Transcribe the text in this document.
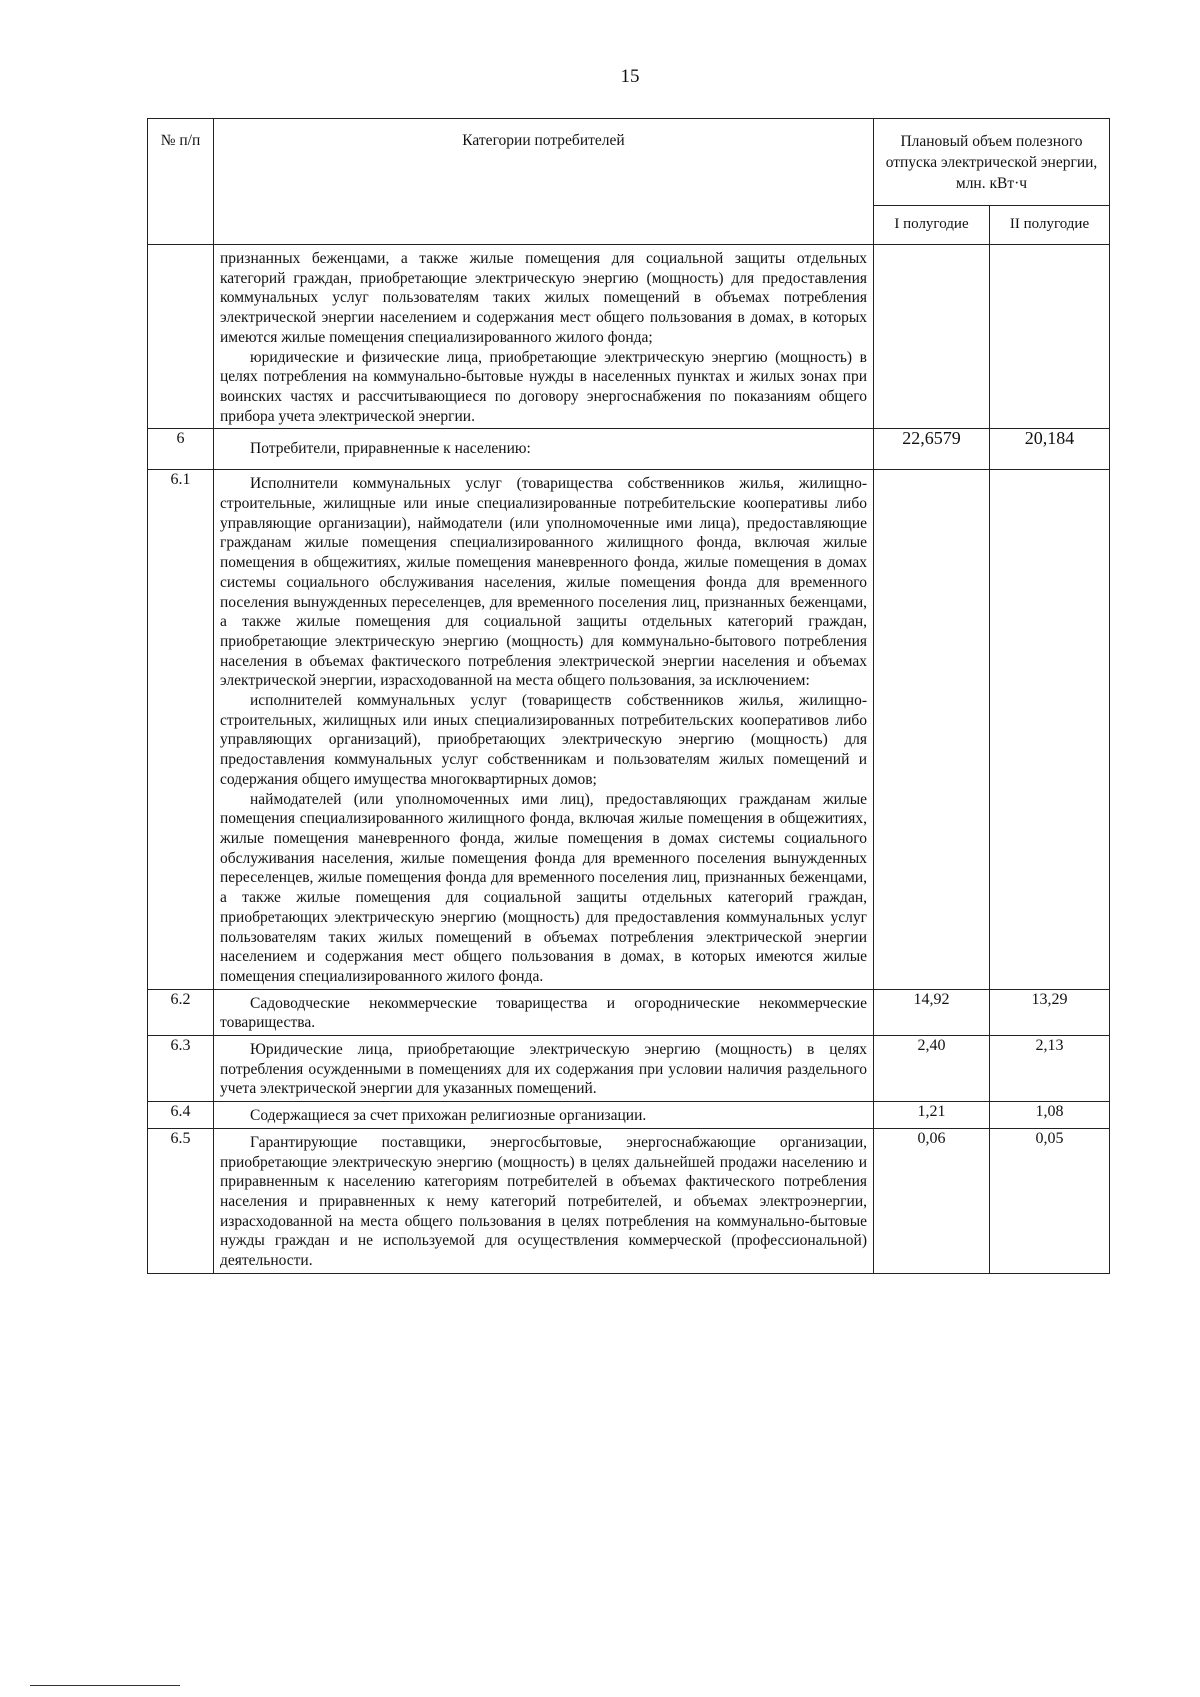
15
№ п/п	Категории потребителей	Плановый объем полезного отпуска электрической энергии, млн. кВт·ч	

		I полугодие	II полугодие

	признанных беженцами, а также жилые помещения для социальной защиты отдельных категорий граждан, приобретающие электрическую энергию (мощность) для предоставления коммунальных услуг пользователям таких жилых помещений в объемах потребления электрической энергии населением и содержания мест общего пользования в домах, в которых имеются жилые помещения специализированного жилого фонда;

юридические и физические лица, приобретающие электрическую энергию (мощность) в целях потребления на коммунально-бытовые нужды в населенных пунктах и жилых зонах при воинских частях и рассчитывающиеся по договору энергоснабжения по показаниям общего прибора учета электрической энергии.		

6	Потребители, приравненные к населению:	22,6579	20,184
6.1	Исполнители коммунальных услуг (товарищества собственников жилья, жилищно-строительные, жилищные или иные специализированные потребительские кооперативы либо управляющие организации), наймодатели (или уполномоченные ими лица), предоставляющие гражданам жилые помещения специализированного жилищного фонда, включая жилые помещения в общежитиях, жилые помещения маневренного фонда, жилые помещения в домах системы социального обслуживания населения, жилые помещения фонда для временного поселения вынужденных переселенцев, для временного поселения лиц, признанных беженцами, а также жилые помещения для социальной защиты отдельных категорий граждан, приобретающие электрическую энергию (мощность) для коммунально-бытового потребления населения в объемах фактического потребления электрической энергии населения и объемах электрической энергии, израсходованной на места общего пользования, за исключением:

исполнителей коммунальных услуг (товариществ собственников жилья, жилищно-строительных, жилищных или иных специализированных потребительских кооперативов либо управляющих организаций), приобретающих электрическую энергию (мощность) для предоставления коммунальных услуг собственникам и пользователям жилых помещений и содержания общего имущества многоквартирных домов;

наймодателей (или уполномоченных ими лиц), предоставляющих гражданам жилые помещения специализированного жилищного фонда, включая жилые помещения в общежитиях, жилые помещения маневренного фонда, жилые помещения в домах системы социального обслуживания населения, жилые помещения фонда для временного поселения вынужденных переселенцев, жилые помещения фонда для временного поселения лиц, признанных беженцами, а также жилые помещения для социальной защиты отдельных категорий граждан, приобретающих электрическую энергию (мощность) для предоставления коммунальных услуг пользователям таких жилых помещений в объемах потребления электрической энергии населением и содержания мест общего пользования в домах, в которых имеются жилые помещения специализированного жилого фонда.		

6.2	Садоводческие некоммерческие товарищества и огороднические некоммерческие товарищества.	14,92	13,29
6.3	Юридические лица, приобретающие электрическую энергию (мощность) в целях потребления осужденными в помещениях для их содержания при условии наличия раздельного учета электрической энергии для указанных помещений.	2,40	2,13
6.4	Содержащиеся за счет прихожан религиозные организации.	1,21	1,08
6.5	Гарантирующие поставщики, энергосбытовые, энергоснабжающие организации, приобретающие электрическую энергию (мощность) в целях дальнейшей продажи населению и приравненным к населению категориям потребителей в объемах фактического потребления населения и приравненных к нему категорий потребителей, и объемах электроэнергии, израсходованной на места общего пользования в целях потребления на коммунально-бытовые нужды граждан и не используемой для осуществления коммерческой (профессиональной) деятельности.	0,06	0,05
